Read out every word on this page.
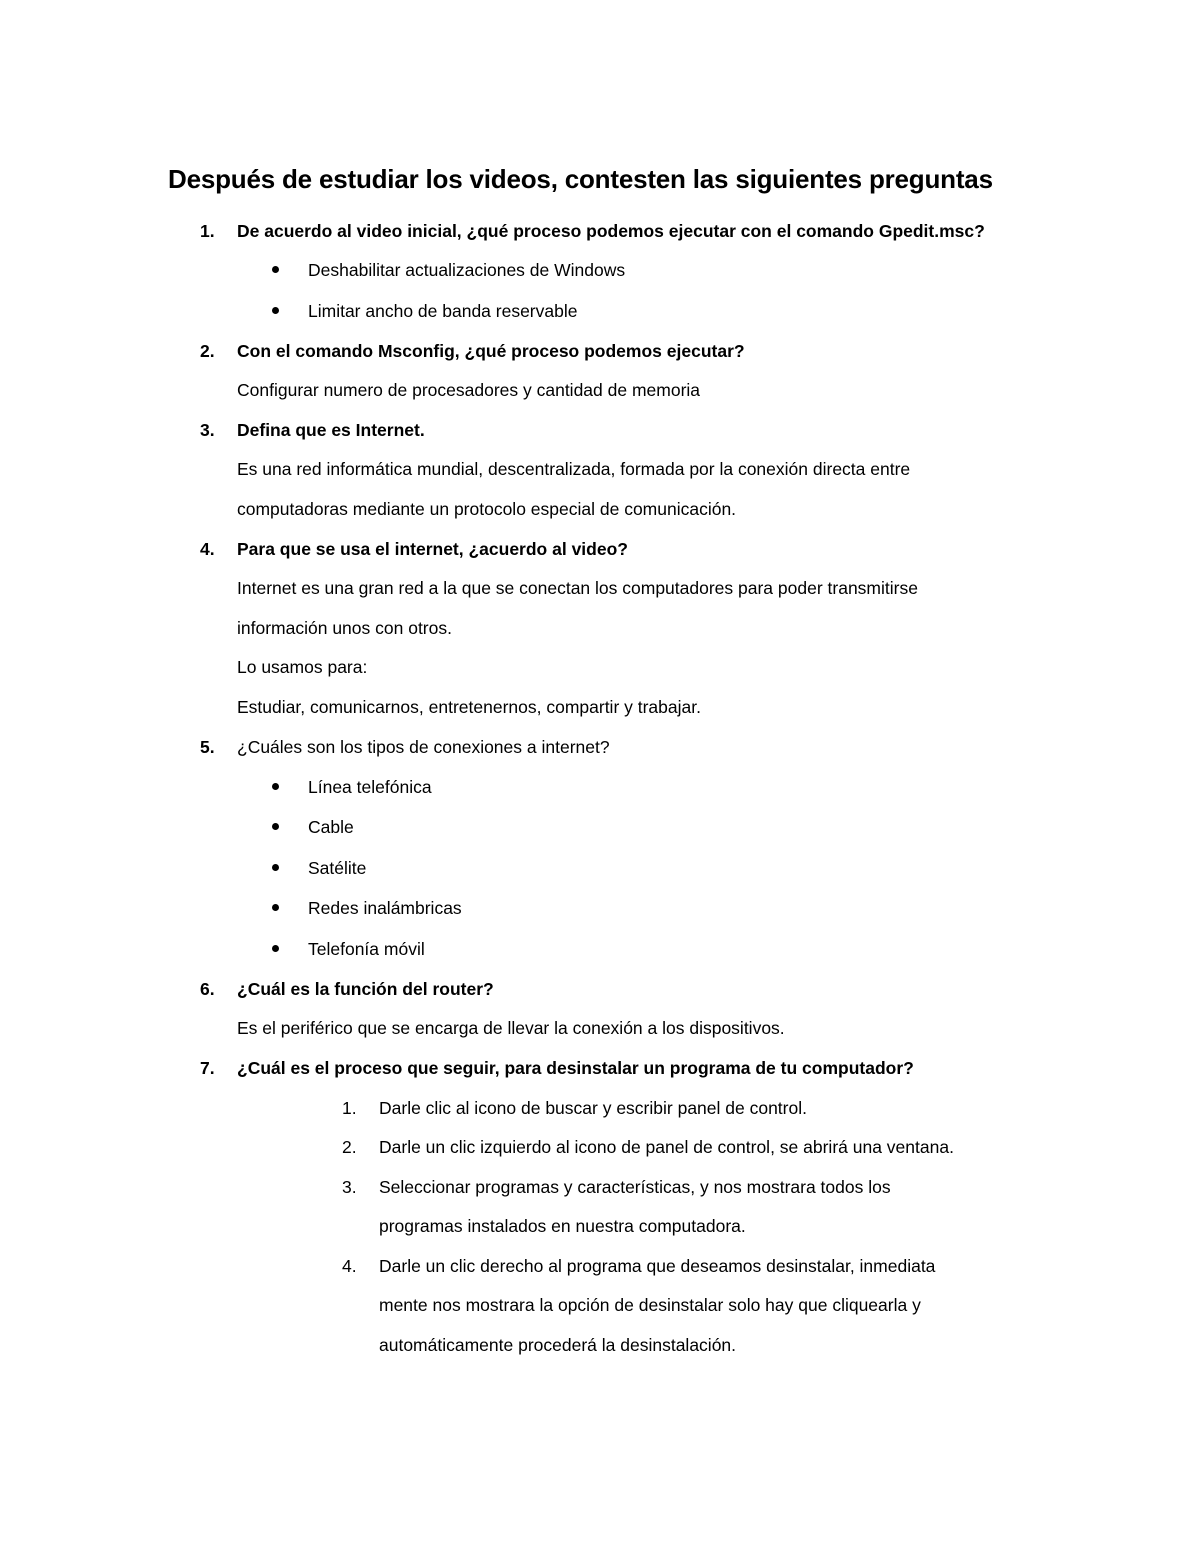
Después de estudiar los videos, contesten las siguientes preguntas
1. De acuerdo al video inicial, ¿qué proceso podemos ejecutar con el comando Gpedit.msc?
Deshabilitar actualizaciones de Windows
Limitar ancho de banda reservable
2. Con el comando Msconfig, ¿qué proceso podemos ejecutar?
Configurar numero de procesadores y cantidad de memoria
3. Defina que es Internet.
Es una red informática mundial, descentralizada, formada por la conexión directa entre
computadoras mediante un protocolo especial de comunicación.
4. Para que se usa el internet, ¿acuerdo al video?
Internet es una gran red a la que se conectan los computadores para poder transmitirse
información unos con otros.
Lo usamos para:
Estudiar, comunicarnos, entretenernos, compartir y trabajar.
5. ¿Cuáles son los tipos de conexiones a internet?
Línea telefónica
Cable
Satélite
Redes inalámbricas
Telefonía móvil
6. ¿Cuál es la función del router?
Es el periférico que se encarga de llevar la conexión a los dispositivos.
7. ¿Cuál es el proceso que seguir, para desinstalar un programa de tu computador?
1. Darle clic al icono de buscar y escribir panel de control.
2. Darle un clic izquierdo al icono de panel de control, se abrirá una ventana.
3. Seleccionar programas y características, y nos mostrara todos los
programas instalados en nuestra computadora.
4. Darle un clic derecho al programa que deseamos desinstalar, inmediata
mente nos mostrara la opción de desinstalar solo hay que cliquearla y
automáticamente procederá la desinstalación.
